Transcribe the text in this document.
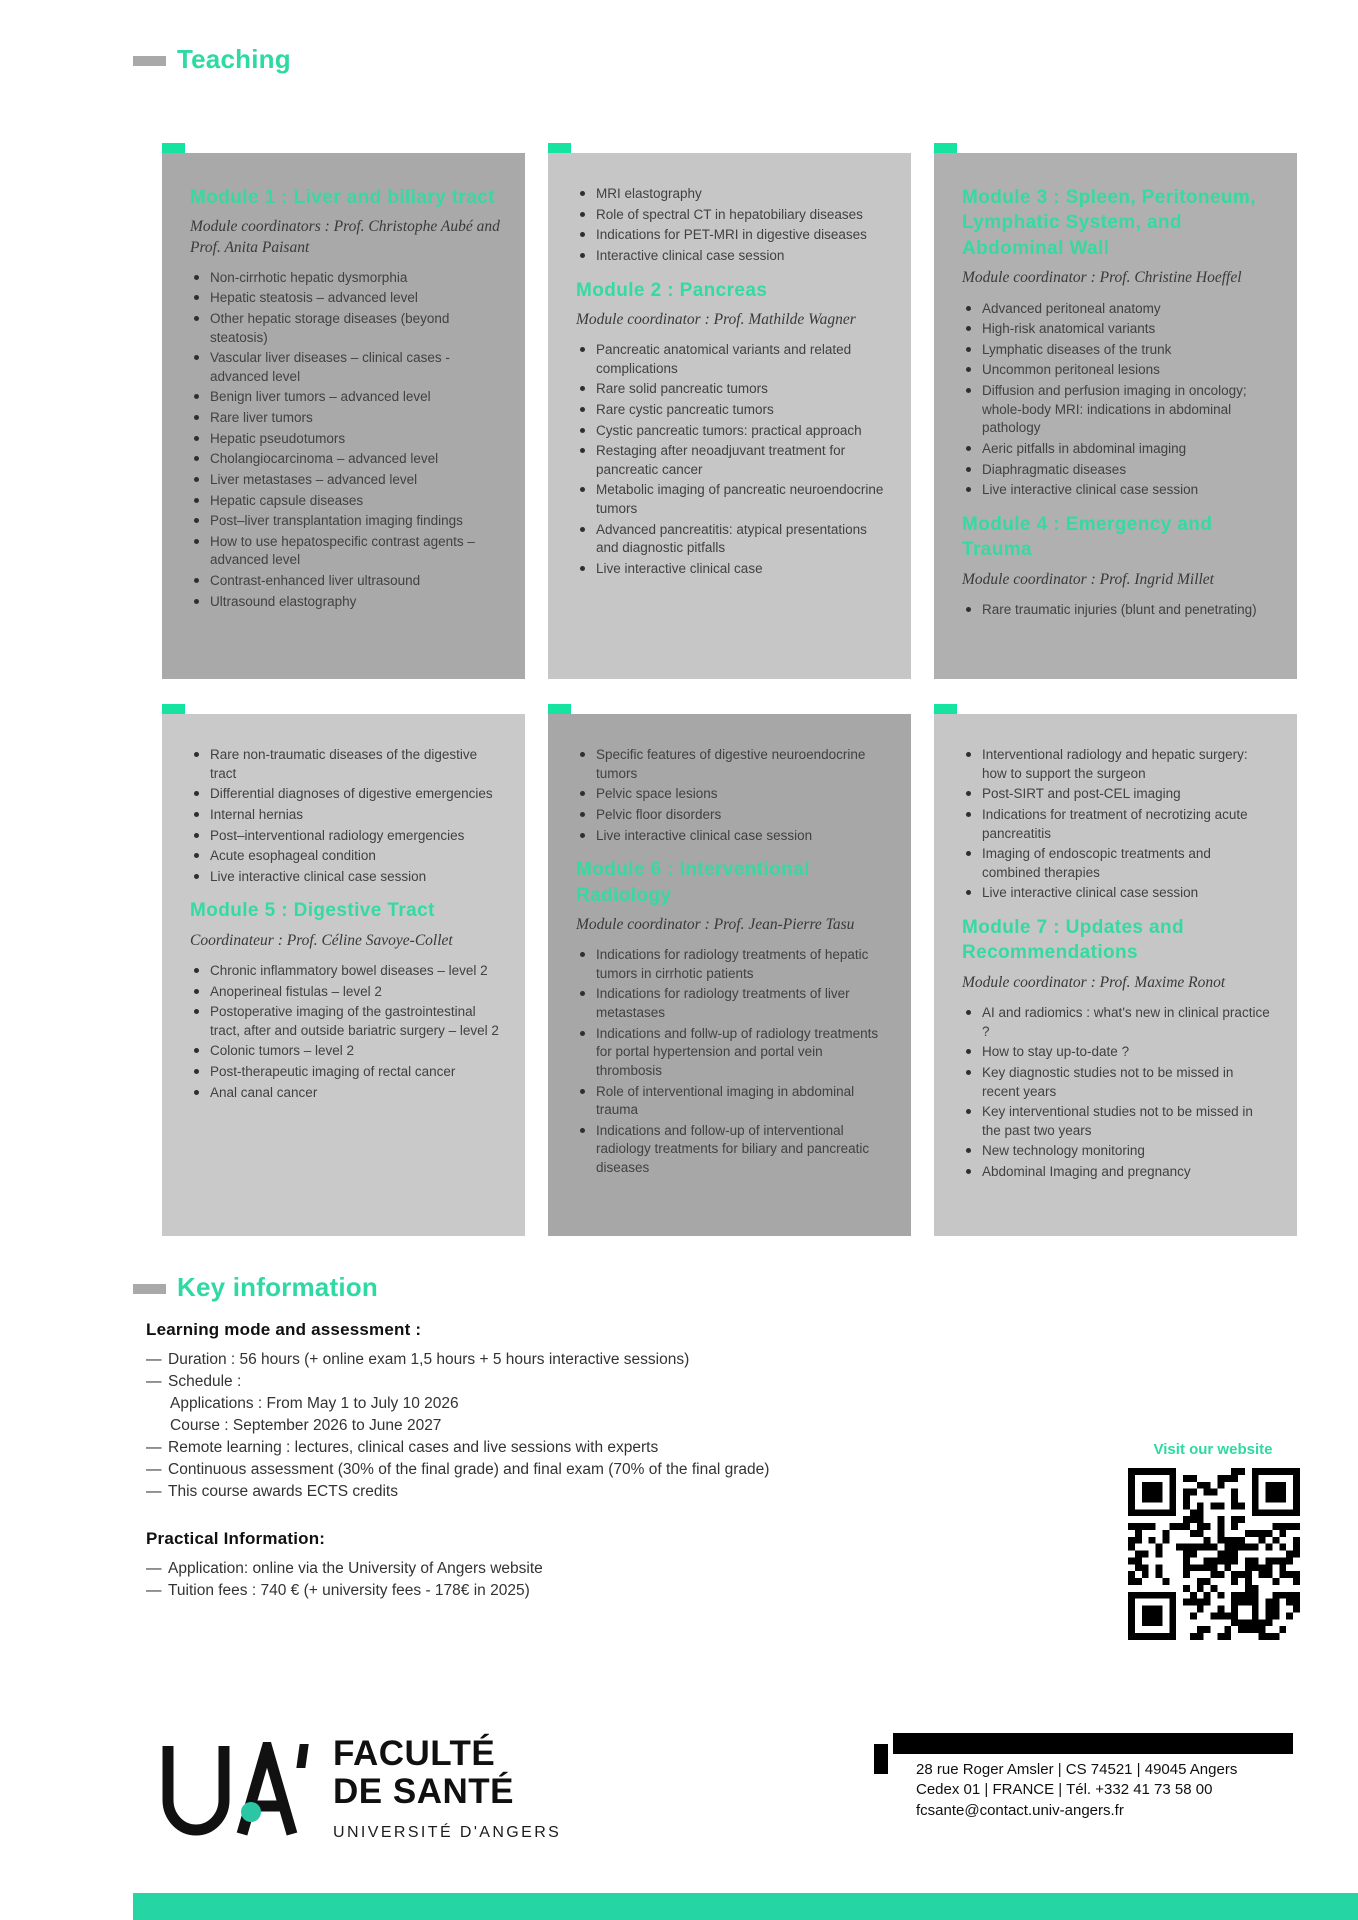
Teaching
Module 1 : Liver and biliary tract

Module coordinators : Prof. Christophe Aubé and Prof. Anita Paisant

Non-cirrhotic hepatic dysmorphia
Hepatic steatosis – advanced level
Other hepatic storage diseases (beyond steatosis)
Vascular liver diseases – clinical cases - advanced level
Benign liver tumors – advanced level
Rare liver tumors
Hepatic pseudotumors
Cholangiocarcinoma – advanced level
Liver metastases – advanced level
Hepatic capsule diseases
Post–liver transplantation imaging findings
How to use hepatospecific contrast agents – advanced level
Contrast-enhanced liver ultrasound
Ultrasound elastography
MRI elastography
Role of spectral CT in hepatobiliary diseases
Indications for PET-MRI in digestive diseases
Interactive clinical case session
Module 2 : Pancreas

Module coordinator : Prof. Mathilde Wagner

Pancreatic anatomical variants and related complications
Rare solid pancreatic tumors
Rare cystic pancreatic tumors
Cystic pancreatic tumors: practical approach
Restaging after neoadjuvant treatment for pancreatic cancer
Metabolic imaging of pancreatic neuroendocrine tumors
Advanced pancreatitis: atypical presentations and diagnostic pitfalls
Live interactive clinical case
Module 3 : Spleen, Peritoneum, Lymphatic System, and Abdominal Wall

Module coordinator : Prof. Christine Hoeffel

Advanced peritoneal anatomy
High-risk anatomical variants
Lymphatic diseases of the trunk
Uncommon peritoneal lesions
Diffusion and perfusion imaging in oncology; whole-body MRI: indications in abdominal pathology
Aeric pitfalls in abdominal imaging
Diaphragmatic diseases
Live interactive clinical case session
Module 4 : Emergency and Trauma

Module coordinator : Prof. Ingrid Millet

Rare traumatic injuries (blunt and penetrating)
Rare non-traumatic diseases of the digestive tract
Differential diagnoses of digestive emergencies
Internal hernias
Post–interventional radiology emergencies
Acute esophageal condition
Live interactive clinical case session
Module 5 : Digestive Tract

Coordinateur : Prof. Céline Savoye-Collet

Chronic inflammatory bowel diseases – level 2
Anoperineal fistulas – level 2
Postoperative imaging of the gastrointestinal tract, after and outside bariatric surgery – level 2
Colonic tumors – level 2
Post-therapeutic imaging of rectal cancer
Anal canal cancer
Specific features of digestive neuroendocrine tumors
Pelvic space lesions
Pelvic floor disorders
Live interactive clinical case session
Module 6 : Interventional Radiology

Module coordinator : Prof. Jean-Pierre Tasu

Indications for radiology treatments of hepatic tumors in cirrhotic patients
Indications for radiology treatments of liver metastases
Indications and follw-up of radiology treatments for portal hypertension and portal vein thrombosis
Role of interventional imaging in abdominal trauma
Indications and follow-up of interventional radiology treatments for biliary and pancreatic diseases
Interventional radiology and hepatic surgery: how to support the surgeon
Post-SIRT and post-CEL imaging
Indications for treatment of necrotizing acute pancreatitis
Imaging of endoscopic treatments and combined therapies
Live interactive clinical case session
Module 7 : Updates and Recommendations

Module coordinator : Prof. Maxime Ronot

AI and radiomics : what's new in clinical practice ?
How to stay up-to-date ?
Key diagnostic studies not to be missed in recent years
Key interventional studies not to be missed in the past two years
New technology monitoring
Abdominal Imaging and pregnancy
Key information
Learning mode and assessment :
— Duration : 56 hours (+ online exam 1,5 hours + 5 hours interactive sessions)
— Schedule :
Applications : From May 1 to July 10 2026
Course : September 2026 to June 2027
— Remote learning : lectures, clinical cases and live sessions with experts
— Continuous assessment (30% of the final grade) and final exam (70% of the final grade)
— This course awards ECTS credits
Practical Information:
— Application: online via the University of Angers website
— Tuition fees : 740 € (+ university fees - 178€ in 2025)
Visit our website
FACULTÉ
DE SANTÉ
UNIVERSITÉ D'ANGERS
28 rue Roger Amsler | CS 74521 | 49045 Angers
Cedex 01 | FRANCE | Tél. +332 41 73 58 00
fcsante@contact.univ-angers.fr
